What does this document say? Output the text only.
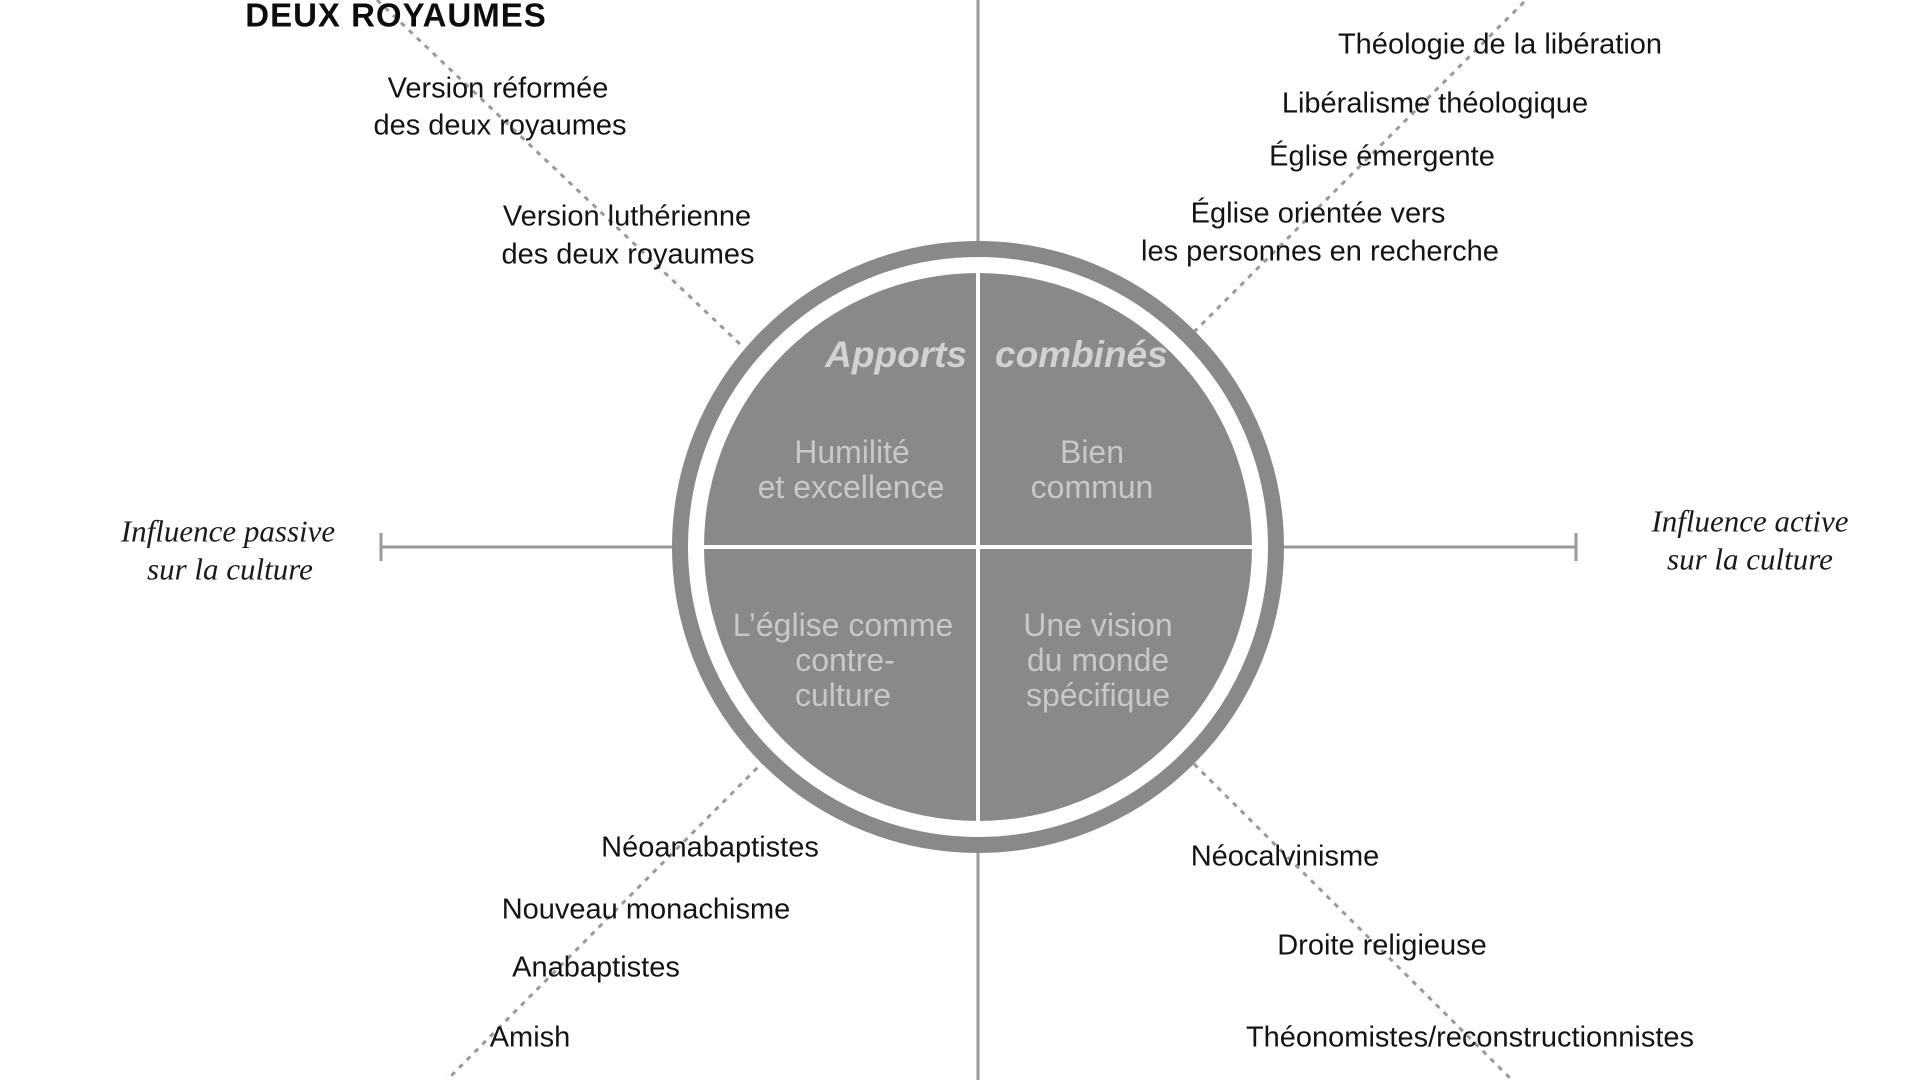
DEUX ROYAUMES
Version réformée
des deux royaumes
Version luthérienne
des deux royaumes
Théologie de la libération
Libéralisme théologique
Église émergente
Église orientée vers
les personnes en recherche
Néoanabaptistes
Nouveau monachisme
Anabaptistes
Amish
Néocalvinisme
Droite religieuse
Théonomistes/reconstructionnistes
Influence passive
sur la culture
Influence active
sur la culture
Apports combinés
Humilité
et excellence
Bien
commun
L’église comme
contre-
culture
Une vision
du monde
spécifique
